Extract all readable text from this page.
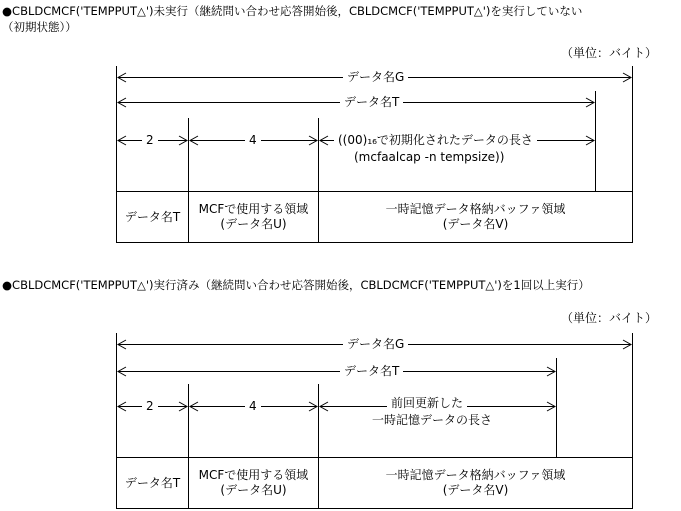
●CBLDCMCF('TEMPPUT△')未実行（継続問い合わせ応答開始後，CBLDCMCF('TEMPPUT△')を実行していない
（初期状態））
（単位：バイト）
データ名G
データ名T
2	4	((00)₁₆で初期化されたデータの長さ
(mcfaalcap -n tempsize))
データ名T
MCFで使用する領域
(データ名U)
一時記憶データ格納バッファ領域
(データ名V)
●CBLDCMCF('TEMPPUT△')実行済み（継続問い合わせ応答開始後，CBLDCMCF('TEMPPUT△')を1回以上実行）
（単位：バイト）
データ名G
データ名T
2	4	前回更新した
一時記憶データの長さ
データ名T
MCFで使用する領域
(データ名U)
一時記憶データ格納バッファ領域
(データ名V)
